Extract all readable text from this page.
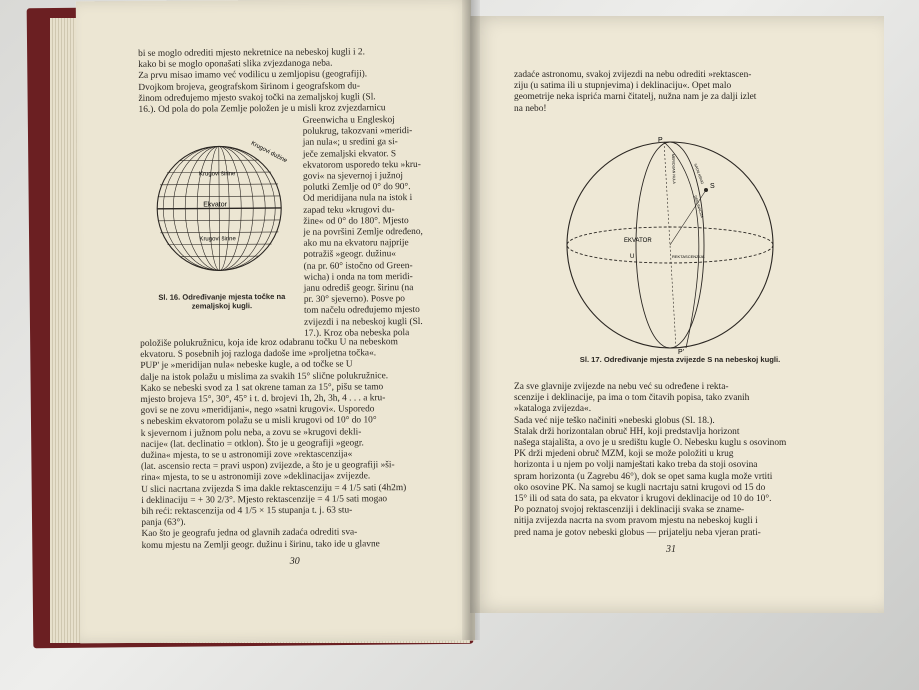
bi se moglo odrediti mjesto nekretnice na nebeskoj kugli i 2.

kako bi se moglo oponašati slika zvjezdanoga neba.

Za prvu misao imamo već vodilicu u zemljopisu (geografiji).

Dvojkom brojeva, geografskom širinom i geografskom du-

žinom određujemo mjesto svakoj točki na zemaljskoj kugli (Sl.

16.). Od pola do pola Zemlje položen je u misli kroz zvjezdarnicu

Krugovi dužine
Krugovi širine
Ekvator
Krugovi širine
Sl. 16. Određivanje mjesta točke na zemaljskoj kugli.

Greenwicha u Engleskoj

polukrug, takozvani »meridi-

jan nula«; u sredini ga si-

ječe zemaljski ekvator. S

ekvatorom usporedo teku »kru-

govi« na sjevernoj i južnoj

polutki Zemlje od 0° do 90°.

Od meridijana nula na istok i

zapad teku »krugovi du-

žine« od 0° do 180°. Mjesto

je na površini Zemlje određeno,

ako mu na ekvatoru najprije

potražiš »geogr. dužinu«

(na pr. 60° istočno od Green-

wicha) i onda na tom meridi-

janu odrediš geogr. širinu (na

pr. 30° sjeverno). Posve po

tom načelu određujemo mjesto

zvijezdi i na nebeskoj kugli (Sl.

17.). Kroz oba nebeska pola

položiše polukružnicu, koja ide kroz odabranu točku U na nebeskom

ekvatoru. S posebnih joj razloga dadoše ime »proljetna točka«.

PUP' je »meridijan nula« nebeske kugle, a od točke se U

dalje na istok polažu u mislima za svakih 15° slične polukružnice.

Kako se nebeski svod za 1 sat okrene taman za 15°, pišu se tamo

mjesto brojeva 15°, 30°, 45° i t. d. brojevi 1h, 2h, 3h, 4 . . . a kru-

govi se ne zovu »meridijani«, nego »satni krugovi«. Usporedo

s nebeskim ekvatorom polažu se u misli krugovi od 10° do 10°

k sjevernom i južnom polu neba, a zovu se »krugovi dekli-

nacije« (lat. declinatio = otklon). Što je u geografiji »geogr.

dužina« mjesta, to se u astronomiji zove »rektascenzija«

(lat. ascensio recta = pravi uspon) zvijezde, a što je u geografiji »ši-

rina« mjesta, to se u astronomiji zove »deklinacija« zvijezde.

U slici nacrtana zvijezda S ima dakle rektascenziju = 4 1/5 sati (4h2m)

i deklinaciju = + 30 2/3°. Mjesto rektascenzije = 4 1/5 sati mogao

bih reći: rektascenzija od 4 1/5 × 15 stupanja t. j. 63 stu-

panja (63°).

Kao što je geografu jedna od glavnih zadaća odrediti sva-

komu mjestu na Zemlji geogr. dužinu i širinu, tako ide u glavne

30

zadaće astronomu, svakoj zvijezdi na nebu odrediti »rektascen-

ziju (u satima ili u stupnjevima) i deklinaciju«. Opet malo

geometrije neka isprića marni čitatelj, nužna nam je za dalji izlet

na nebo!

P
P'
EKVATOR
MERIDIJAN NULA	SATNI KRUG
DEKLINACIJA
REKTASCENZIJA
S
U
Sl. 17. Određivanje mjesta zvijezde S na nebeskoj kugli.

Za sve glavnije zvijezde na nebu već su određene i rekta-

scenzije i deklinacije, pa ima o tom čitavih popisa, tako zvanih

»kataloga zvijezda«.

Sada već nije teško načiniti »nebeski globus (Sl. 18.).

Stalak drži horizontalan obruč HH, koji predstavlja horizont

našega stajališta, a ovo je u središtu kugle O. Nebesku kuglu s osovinom

PK drži mjedeni obruč MZM, koji se može položiti u krug

horizonta i u njem po volji namještati kako treba da stoji osovina

spram horizonta (u Zagrebu 46°), dok se opet sama kugla može vrtiti

oko osovine PK. Na samoj se kugli nacrtaju satni krugovi od 15 do

15° ili od sata do sata, pa ekvator i krugovi deklinacije od 10 do 10°.

Po poznatoj svojoj rektascenziji i deklinaciji svaka se zname-

nitija zvijezda nacrta na svom pravom mjestu na nebeskoj kugli i

pred nama je gotov nebeski globus — prijatelju neba vjeran prati-

31
